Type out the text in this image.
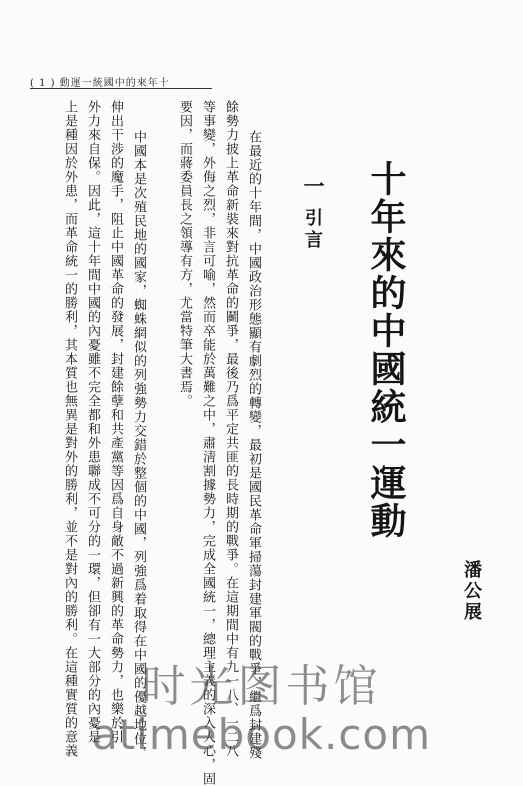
( 1 ) 動運一統國中的來年十
十年來的中國統一運動
潘公展
一
引言
在最近的十年間，中國政治形態顯有劇烈的轉變，最初是國民革命軍掃蕩封建軍閥的戰爭，繼爲封建殘
餘勢力披上革命新裝來對抗革命的鬬爭，最後乃爲平定共匪的長時期的戰爭。在這期間中有九一八、一二八
等事變，外侮之烈，非言可喻，然而卒能於萬難之中，肅淸割據勢力，完成全國統一，總理主義的深入人心，固
要因，而蔣委員長之領導有方，尤當特筆大書焉。
中國本是次殖民地的國家，蜘蛛網似的列強勢力交錯於整個的中國，列強爲着取得在中國的優越地位，
伸出干涉的魔手，阻止中國革命的發展，封建餘孽和共產黨等因爲自身敵不過新興的革命勢力，也樂於引
外力來自保。因此，這十年間中國的內憂雖不完全都和外患聯成不可分的一環，但卻有一大部分的內憂是
上是種因於外患，而革命統一的勝利，其本質也無異是對外的勝利，並不是對內的勝利。在這種實質的意義	时光图书馆
atimebook.com
